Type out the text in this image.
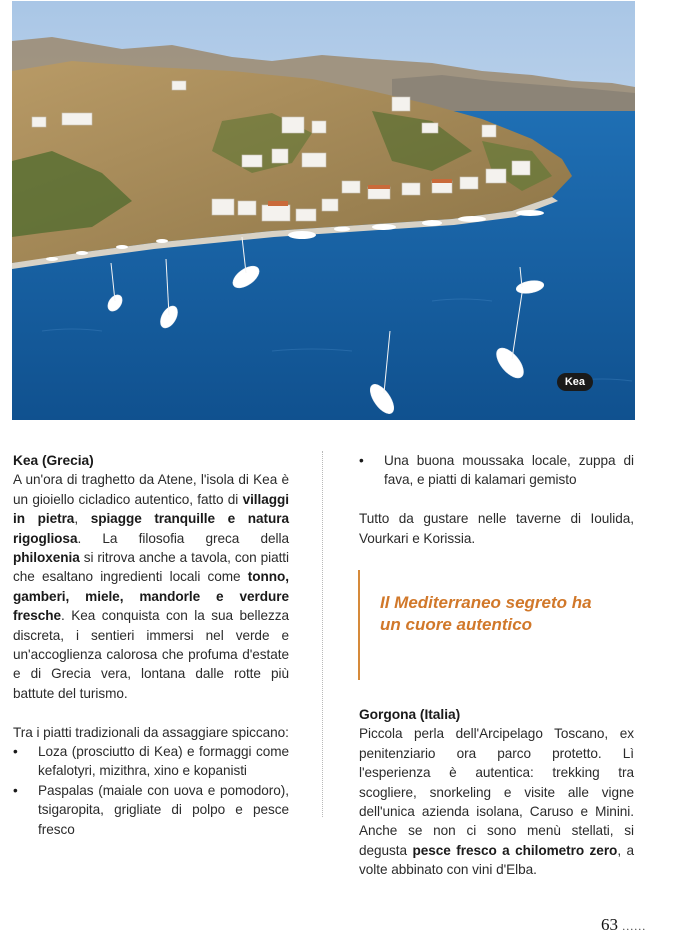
Kea

Kea (Grecia)

A un'ora di traghetto da Atene, l'isola di Kea è un gioiello cicladico autentico, fatto di villaggi in pietra, spiagge tranquille e natura rigogliosa. La filosofia greca della philoxenia si ritrova anche a tavola, con piatti che esaltano ingredienti locali come tonno, gamberi, miele, mandorle e verdure fresche. Kea conquista con la sua bellezza discreta, i sentieri immersi nel verde e un'accoglienza calorosa che profuma d'estate e di Grecia vera, lontana dalle rotte più battute del turismo.

Tra i piatti tradizionali da assaggiare spiccano:

• Loza (prosciutto di Kea) e formaggi come kefalotyri, mizithra, xino e kopanisti
• Paspalas (maiale con uova e pomodoro), tsigaropita, grigliate di polpo e pesce fresco
• Una buona moussaka locale, zuppa di fava, e piatti di kalamari gemisto

Tutto da gustare nelle taverne di Ioulida, Vourkari e Korissia.

Gorgona (Italia)

Piccola perla dell'Arcipelago Toscano, ex penitenziario ora parco protetto. Lì l'esperienza è autentica: trekking tra scogliere, snorkeling e visite alle vigne dell'unica azienda isolana, Caruso e Minini. Anche se non ci sono menù stellati, si degusta pesce fresco a chilometro zero, a volte abbinato con vini d'Elba.

Il Mediterraneo segreto ha un cuore autentico

63 ......
